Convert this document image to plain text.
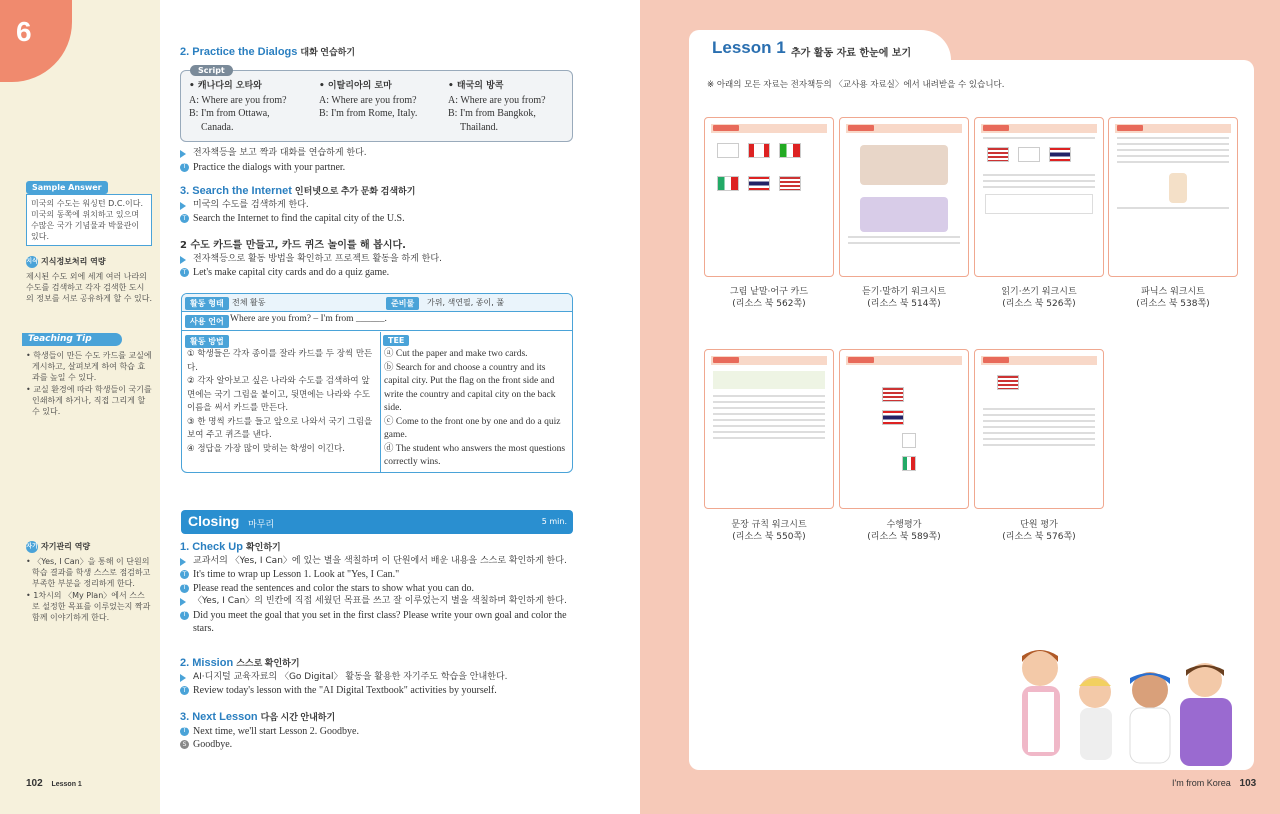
6
Sample Answer
미국의 수도는 워싱턴 D.C.이다. 미국의 동쪽에 위치하고 있으며 수많은 국가 기념물과 박물관이 있다.
지식 지식정보처리 역량
제시된 수도 외에 세계 여러 나라의 수도를 검색하고 각자 검색한 도시의 정보를 서로 공유하게 할 수 있다.
Teaching Tip
• 학생들이 만든 수도 카드를 교실에 게시하고, 살펴보게 하여 학습 효과를 높일 수 있다.
• 교실 환경에 따라 학생들이 국기를 인쇄하게 하거나, 직접 그리게 할 수 있다.
자기 자기관리 역량
• 〈Yes, I Can〉을 통해 이 단원의 학습 결과를 학생 스스로 점검하고 부족한 부분을 정리하게 한다.
• 1차시의 〈My Plan〉에서 스스로 설정한 목표를 이루었는지 짝과 함께 이야기하게 한다.
2. Practice the Dialogs 대화 연습하기
Script
• 캐나다의 오타와
A: Where are you from?
B: I'm from Ottawa,
Canada.
• 이탈리아의 로마
A: Where are you from?
B: I'm from Rome, Italy.
• 태국의 방콕
A: Where are you from?
B: I'm from Bangkok,
Thailand.
전자책등을 보고 짝과 대화를 연습하게 한다.
T Practice the dialogs with your partner.
3. Search the Internet 인터넷으로 추가 문화 검색하기
미국의 수도를 검색하게 한다.
T Search the Internet to find the capital city of the U.S.
2 수도 카드를 만들고, 카드 퀴즈 놀이를 해 봅시다.
전자책등으로 활동 방법을 확인하고 프로젝트 활동을 하게 한다.
T Let's make capital city cards and do a quiz game.
활동 형태	전체 활동	준비물	가위, 색연필, 종이, 풀
사용 언어 Where are you from? – I'm from ______.
활동 방법	TEE
① 학생들은 각자 종이를 잘라 카드를 두 장씩 만든다.
② 각자 알아보고 싶은 나라와 수도를 검색하여 앞면에는 국기 그림을 붙이고, 뒷면에는 나라와 수도 이름을 써서 카드를 만든다.
③ 한 명씩 카드를 들고 앞으로 나와서 국기 그림을 보여 주고 퀴즈를 낸다.
④ 정답을 가장 많이 맞히는 학생이 이긴다.
ⓐ Cut the paper and make two cards.
ⓑ Search for and choose a country and its capital city. Put the flag on the front side and write the country and capital city on the back side.
ⓒ Come to the front one by one and do a quiz game.
ⓓ The student who answers the most questions correctly wins.
Closing 마무리	5 min.
1. Check Up 확인하기
교과서의 〈Yes, I Can〉에 있는 별을 색칠하며 이 단원에서 배운 내용을 스스로 확인하게 한다.
T It's time to wrap up Lesson 1. Look at "Yes, I Can."
T Please read the sentences and color the stars to show what you can do.
〈Yes, I Can〉의 빈칸에 직접 세웠던 목표를 쓰고 잘 이루었는지 별을 색칠하며 확인하게 한다.
T Did you meet the goal that you set in the first class? Please write your own goal and color the stars.
2. Mission 스스로 확인하기
AI·디지털 교육자료의 〈Go Digital〉 활동을 활용한 자기주도 학습을 안내한다.
T Review today's lesson with the "AI Digital Textbook" activities by yourself.
3. Next Lesson 다음 시간 안내하기
T Next time, we'll start Lesson 2. Goodbye.
S Goodbye.
102 Lesson 1
Lesson 1 추가 활동 자료 한눈에 보기
※ 아래의 모든 자료는 전자책등의 〈교사용 자료실〉에서 내려받을 수 있습니다.

그림 낱말·어구 카드
(리소스 북 562쪽)
듣기·말하기 워크시트
(리소스 북 514쪽)
읽기·쓰기 워크시트
(리소스 북 526쪽)
파닉스 워크시트
(리소스 북 538쪽)
문장 규칙 워크시트
(리소스 북 550쪽)
수행평가
(리소스 북 589쪽)
단원 평가
(리소스 북 576쪽)
I'm from Korea 103
